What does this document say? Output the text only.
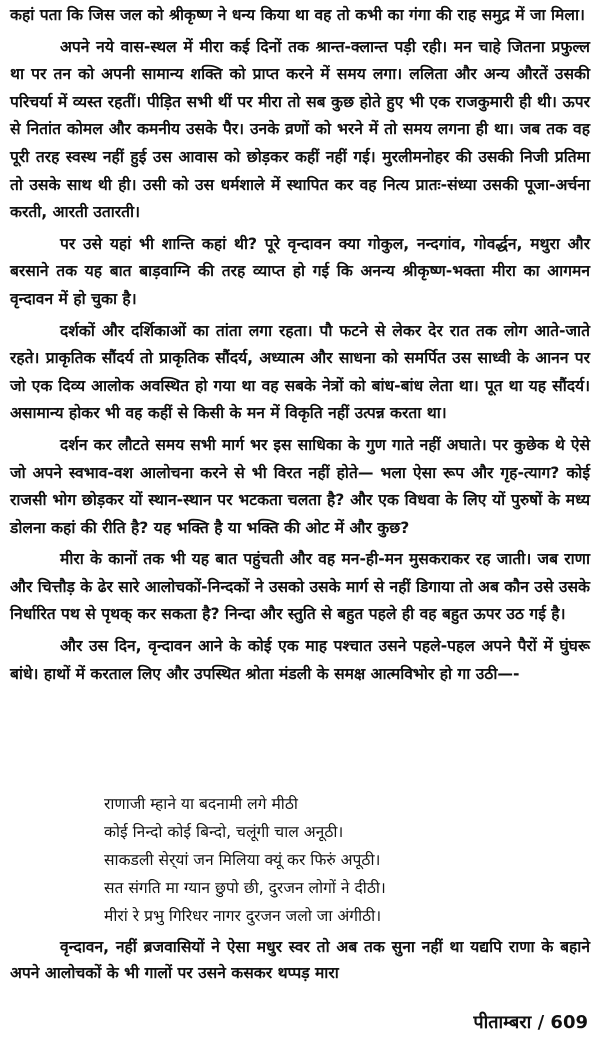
कहां पता कि जिस जल को श्रीकृष्ण ने धन्य किया था वह तो कभी का गंगा की राह समुद्र में जा मिला।

अपने नये वास-स्थल में मीरा कई दिनों तक श्रान्त-क्लान्त पड़ी रही। मन चाहे जितना प्रफुल्ल था पर तन को अपनी सामान्य शक्ति को प्राप्त करने में समय लगा। ललिता और अन्य औरतें उसकी परिचर्या में व्यस्त रहतीं। पीड़ित सभी थीं पर मीरा तो सब कुछ होते हुए भी एक राजकुमारी ही थी। ऊपर से नितांत कोमल और कमनीय उसके पैर। उनके व्रणों को भरने में तो समय लगना ही था। जब तक वह पूरी तरह स्वस्थ नहीं हुई उस आवास को छोड़कर कहीं नहीं गई। मुरलीमनोहर की उसकी निजी प्रतिमा तो उसके साथ थी ही। उसी को उस धर्मशाले में स्थापित कर वह नित्य प्रातः-संध्या उसकी पूजा-अर्चना करती, आरती उतारती।

पर उसे यहां भी शान्ति कहां थी? पूरे वृन्दावन क्या गोकुल, नन्दगांव, गोवर्द्धन, मथुरा और बरसाने तक यह बात बाड़वाग्नि की तरह व्याप्त हो गई कि अनन्य श्रीकृष्ण-भक्ता मीरा का आगमन वृन्दावन में हो चुका है।

दर्शकों और दर्शिकाओं का तांता लगा रहता। पौ फटने से लेकर देर रात तक लोग आते-जाते रहते। प्राकृतिक सौंदर्य तो प्राकृतिक सौंदर्य, अध्यात्म और साधना को समर्पित उस साध्वी के आनन पर जो एक दिव्य आलोक अवस्थित हो गया था वह सबके नेत्रों को बांध-बांध लेता था। पूत था यह सौंदर्य। असामान्य होकर भी वह कहीं से किसी के मन में विकृति नहीं उत्पन्न करता था।

दर्शन कर लौटते समय सभी मार्ग भर इस साधिका के गुण गाते नहीं अघाते। पर कुछेक थे ऐसे जो अपने स्वभाव-वश आलोचना करने से भी विरत नहीं होते— भला ऐसा रूप और गृह-त्याग? कोई राजसी भोग छोड़कर यों स्थान-स्थान पर भटकता चलता है? और एक विधवा के लिए यों पुरुषों के मध्य डोलना कहां की रीति है? यह भक्ति है या भक्ति की ओट में और कुछ?

मीरा के कानों तक भी यह बात पहुंचती और वह मन-ही-मन मुसकराकर रह जाती। जब राणा और चित्तौड़ के ढेर सारे आलोचकों-निन्दकों ने उसको उसके मार्ग से नहीं डिगाया तो अब कौन उसे उसके निर्धारित पथ से पृथक् कर सकता है? निन्दा और स्तुति से बहुत पहले ही वह बहुत ऊपर उठ गई है।

और उस दिन, वृन्दावन आने के कोई एक माह पश्चात उसने पहले-पहल अपने पैरों में घुंघरू बांधे। हाथों में करताल लिए और उपस्थित श्रोता मंडली के समक्ष आत्मविभोर हो गा उठी—-

राणाजी म्हाने या बदनामी लगे मीठी
कोई निन्दो कोई बिन्दो, चलूंगी चाल अनूठी।
साकडली सेर्‌यां जन मिलिया क्यूं कर फिरुं अपूठी।
सत संगति मा ग्यान छुपो छी, दुरजन लोगों ने दीठी।
मीरां रे प्रभु गिरिधर नागर दुरजन जलो जा अंगीठी।

वृन्दावन, नहीं ब्रजवासियों ने ऐसा मधुर स्वर तो अब तक सुना नहीं था यद्यपि राणा के बहाने अपने आलोचकों के भी गालों पर उसने कसकर थप्पड़ मारा

पीताम्बरा / 609
